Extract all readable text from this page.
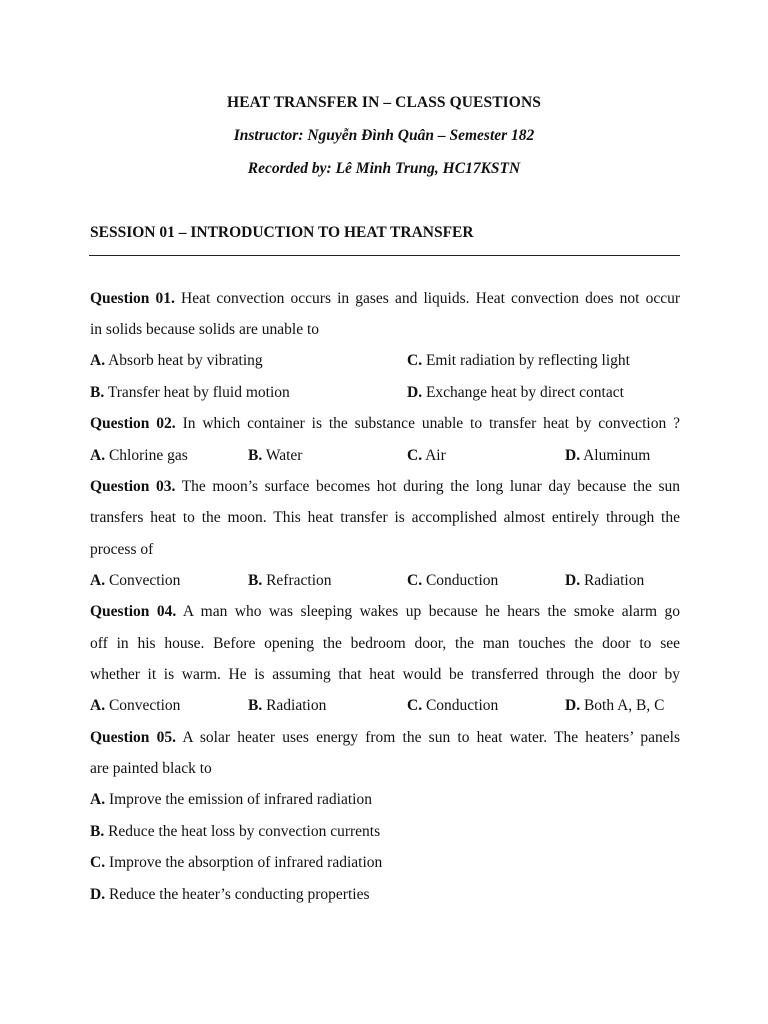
HEAT TRANSFER IN – CLASS QUESTIONS
Instructor: Nguyễn Đình Quân – Semester 182
Recorded by: Lê Minh Trung, HC17KSTN
SESSION 01 – INTRODUCTION TO HEAT TRANSFER
Question 01. Heat convection occurs in gases and liquids. Heat convection does not occur
in solids because solids are unable to
A. Absorb heat by vibrating	C. Emit radiation by reflecting light
B. Transfer heat by fluid motion	D. Exchange heat by direct contact
Question 02. In which container is the substance unable to transfer heat by convection ?
A. Chlorine gas	B. Water	C. Air	D. Aluminum
Question 03. The moon’s surface becomes hot during the long lunar day because the sun
transfers heat to the moon. This heat transfer is accomplished almost entirely through the
process of
A. Convection	B. Refraction	C. Conduction	D. Radiation
Question 04. A man who was sleeping wakes up because he hears the smoke alarm go
off in his house. Before opening the bedroom door, the man touches the door to see
whether it is warm. He is assuming that heat would be transferred through the door by
A. Convection	B. Radiation	C. Conduction	D. Both A, B, C
Question 05. A solar heater uses energy from the sun to heat water. The heaters’ panels
are painted black to
A. Improve the emission of infrared radiation
B. Reduce the heat loss by convection currents
C. Improve the absorption of infrared radiation
D. Reduce the heater’s conducting properties
